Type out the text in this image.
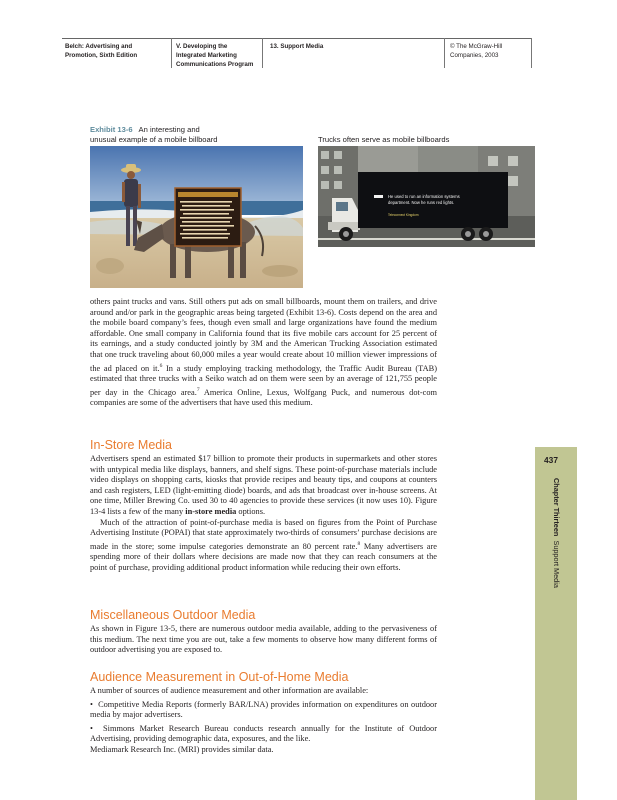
Belch: Advertising and
Promotion, Sixth Edition
V. Developing the
Integrated Marketing
Communications Program
13. Support Media	© The McGraw-Hill
Companies, 2003
Exhibit 13-6 An interesting and
unusual example of a mobile billboard	Trucks often serve as mobile billboards
He used to run an information systems
department. Now he runs red lights.
Teleconnect Kingdom

others paint trucks and vans. Still others put ads on small billboards, mount them on trailers, and drive around and/or park in the geographic areas being targeted (Exhibit 13-6). Costs depend on the area and the mobile board company’s fees, though even small and large organizations have found the medium affordable. One small company in California found that its five mobile cars account for 25 percent of its earnings, and a study conducted jointly by 3M and the American Trucking Association estimated that one truck traveling about 60,000 miles a year would create about 10 million viewer impressions of the ad placed on it.$^6$ In a study employing tracking methodology, the Traffic Audit Bureau (TAB) estimated that three trucks with a Seiko watch ad on them were seen by an average of 121,755 people per day in the Chicago area.$^7$ America Online, Lexus, Wolfgang Puck, and numerous dot-com companies are some of the advertisers that have used this medium.

In-Store Media

Advertisers spend an estimated $17 billion to promote their products in supermarkets and other stores with untypical media like displays, banners, and shelf signs. These point-of-purchase materials include video displays on shopping carts, kiosks that provide recipes and beauty tips, and coupons at counters and cash registers, LED (light-emitting diode) boards, and ads that broadcast over in-house screens. At one time, Miller Brewing Co. used 30 to 40 agencies to provide these services (it now uses 10). Figure 13-4 lists a few of the many in-store media options.

Much of the attraction of point-of-purchase media is based on figures from the Point of Purchase Advertising Institute (POPAI) that state approximately two-thirds of consumers’ purchase decisions are made in the store; some impulse categories demonstrate an 80 percent rate.$^8$ Many advertisers are spending more of their dollars where decisions are made now that they can reach consumers at the point of purchase, providing additional product information while reducing their own efforts.

Miscellaneous Outdoor Media

As shown in Figure 13-5, there are numerous outdoor media available, adding to the pervasiveness of this medium. The next time you are out, take a few moments to observe how many different forms of outdoor advertising you are exposed to.

Audience Measurement in Out-of-Home Media

A number of sources of audience measurement and other information are available:

•  Competitive Media Reports (formerly BAR/LNA) provides information on expenditures on outdoor media by major advertisers.

•  Simmons Market Research Bureau conducts research annually for the Institute of Outdoor Advertising, providing demographic data, exposures, and the like.
Mediamark Research Inc. (MRI) provides similar data.

437
Chapter Thirteen  Support Media
